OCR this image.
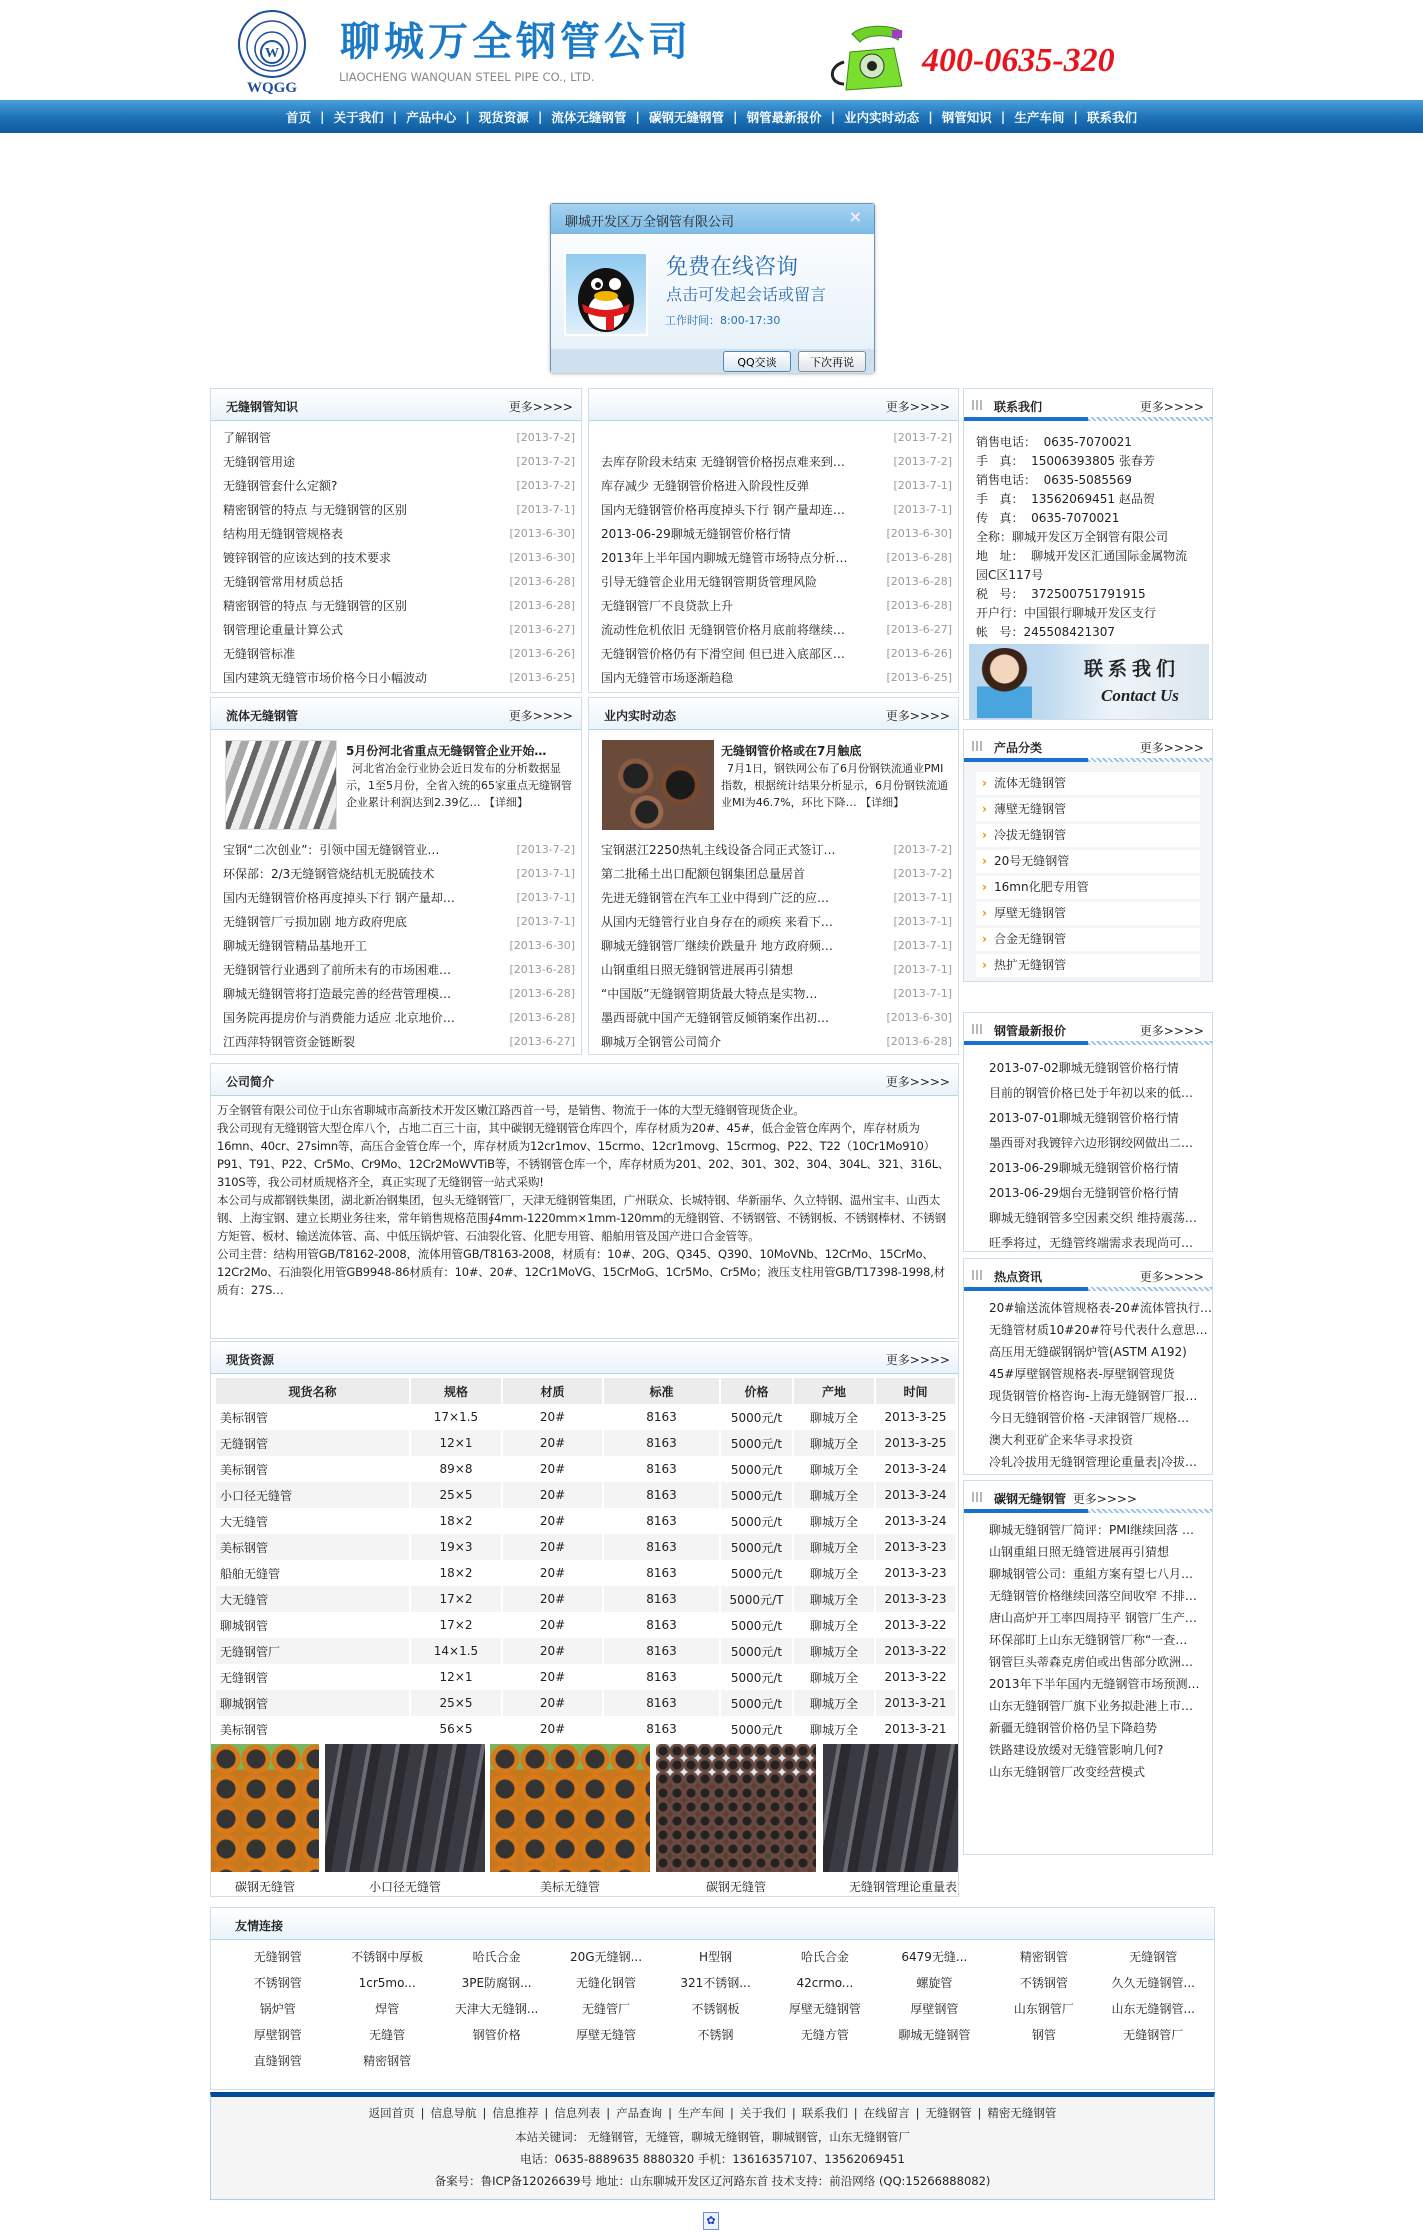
W
WQGG
聊城万全钢管公司
LIAOCHENG WANQUAN STEEL PIPE CO., LTD.	400-0635-320
首页 | 关于我们 | 产品中心 | 现货资源 | 流体无缝钢管 | 碳钢无缝钢管 | 钢管最新报价 | 业内实时动态 | 钢管知识 | 生产车间 | 联系我们
无缝钢管知识	更多>>>>
了解钢管	[2013-7-2]
无缝钢管用途	[2013-7-2]
无缝钢管套什么定额?	[2013-7-2]
精密钢管的特点 与无缝钢管的区别	[2013-7-1]
结构用无缝钢管规格表	[2013-6-30]
镀锌钢管的应该达到的技术要求	[2013-6-30]
无缝钢管常用材质总括	[2013-6-28]
精密钢管的特点 与无缝钢管的区别	[2013-6-28]
钢管理论重量计算公式	[2013-6-27]
无缝钢管标准	[2013-6-26]
国内建筑无缝管市场价格今日小幅波动	[2013-6-25]
更多>>>>
[2013-7-2]
去库存阶段未结束 无缝钢管价格拐点难来到…	[2013-7-2]
库存减少 无缝钢管价格进入阶段性反弹	[2013-7-1]
国内无缝钢管价格再度掉头下行 钢产量却连…	[2013-7-1]
2013-06-29聊城无缝钢管价格行情	[2013-6-30]
2013年上半年国内聊城无缝管市场特点分析…	[2013-6-28]
引导无缝管企业用无缝钢管期货管理风险	[2013-6-28]
无缝钢管厂不良贷款上升	[2013-6-28]
流动性危机依旧 无缝钢管价格月底前将继续…	[2013-6-27]
无缝钢管价格仍有下滑空间 但已进入底部区…	[2013-6-26]
国内无缝管市场逐渐趋稳	[2013-6-25]
流体无缝钢管	更多>>>>
5月份河北省重点无缝钢管企业开始…
河北省冶金行业协会近日发布的分析数据显示，1至5月份，全省入统的65家重点无缝钢管企业累计利润达到2.39亿… 【详细】
宝钢“二次创业”：引领中国无缝钢管业…	[2013-7-2]
环保部：2/3无缝钢管烧结机无脱硫技术	[2013-7-1]
国内无缝钢管价格再度掉头下行 钢产量却…	[2013-7-1]
无缝钢管厂亏损加剧 地方政府兜底	[2013-7-1]
聊城无缝钢管精品基地开工	[2013-6-30]
无缝钢管行业遇到了前所未有的市场困难…	[2013-6-28]
聊城无缝钢管将打造最完善的经营管理模…	[2013-6-28]
国务院再提房价与消费能力适应 北京地价…	[2013-6-28]
江西萍特钢管资金链断裂	[2013-6-27]
业内实时动态	更多>>>>
无缝钢管价格或在7月触底
7月1日，钢铁网公布了6月份钢铁流通业PMI指数，根据统计结果分析显示，6月份钢铁流通业MI为46.7%，环比下降… 【详细】
宝钢湛江2250热轧主线设备合同正式签订…	[2013-7-2]
第二批稀土出口配额包钢集团总量居首	[2013-7-2]
先进无缝钢管在汽车工业中得到广泛的应…	[2013-7-1]
从国内无缝管行业自身存在的顽疾 来看下…	[2013-7-1]
聊城无缝钢管厂继续价跌量升 地方政府频…	[2013-7-1]
山钢重组日照无缝钢管进展再引猜想	[2013-7-1]
“中国版”无缝钢管期货最大特点是实物…	[2013-7-1]
墨西哥就中国产无缝钢管反倾销案作出初…	[2013-6-30]
聊城万全钢管公司简介	[2013-6-28]
公司简介	更多>>>>
万全钢管有限公司位于山东省聊城市高新技术开发区嫩江路西首一号，是销售、物流于一体的大型无缝钢管现货企业。
我公司现有无缝钢管大型仓库八个，占地二百三十亩，其中碳钢无缝钢管仓库四个，库存材质为20#、45#，低合金管仓库两个，库存材质为16mn、40cr、27simn等，高压合金管仓库一个，库存材质为12cr1mov、15crmo、12cr1movg、15crmog、P22、T22（10Cr1Mo910）P91、T91、P22、Cr5Mo、Cr9Mo、12Cr2MoWVTiB等，不锈钢管仓库一个，库存材质为201、202、301、302、304、304L、321、316L、310S等，我公司材质规格齐全，真正实现了无缝钢管一站式采购!
本公司与成都钢铁集团，湖北新冶钢集团，包头无缝钢管厂，天津无缝钢管集团，广州联众、长城特钢、华新丽华、久立特钢、温州宝丰、山西太钢、上海宝钢、建立长期业务往来，常年销售规格范围∮4mm-1220mm×1mm-120mm的无缝钢管、不锈钢管、不锈钢板、不锈钢棒材、不锈钢方矩管、板材、输送流体管、高、中低压锅炉管、石油裂化管、化肥专用管、船舶用管及国产进口合金管等。
公司主营：结构用管GB/T8162-2008，流体用管GB/T8163-2008，材质有：10#、20G、Q345、Q390、10MoVNb、12CrMo、15CrMo、12Cr2Mo、石油裂化用管GB9948-86材质有：10#、20#、12Cr1MoVG、15CrMoG、1Cr5Mo、Cr5Mo；液压支柱用管GB/T17398-1998,材质有：27S…
现货资源	更多>>>>
现货名称	规格	材质	标准	价格	产地	时间
美标钢管	17×1.5	20#	8163	5000元/t	聊城万全	2013-3-25
无缝钢管	12×1	20#	8163	5000元/t	聊城万全	2013-3-25
美标钢管	89×8	20#	8163	5000元/t	聊城万全	2013-3-24
小口径无缝管	25×5	20#	8163	5000元/t	聊城万全	2013-3-24
大无缝管	18×2	20#	8163	5000元/t	聊城万全	2013-3-24
美标钢管	19×3	20#	8163	5000元/t	聊城万全	2013-3-23
船舶无缝管	18×2	20#	8163	5000元/t	聊城万全	2013-3-23
大无缝管	17×2	20#	8163	5000元/T	聊城万全	2013-3-23
聊城钢管	17×2	20#	8163	5000元/t	聊城万全	2013-3-22
无缝钢管厂	14×1.5	20#	8163	5000元/t	聊城万全	2013-3-22
无缝钢管	12×1	20#	8163	5000元/t	聊城万全	2013-3-22
聊城钢管	25×5	20#	8163	5000元/t	聊城万全	2013-3-21
美标钢管	56×5	20#	8163	5000元/t	聊城万全	2013-3-21
碳钢无缝管	小口径无缝管	美标无缝管	碳钢无缝管	无缝钢管理论重量表
联系我们	更多>>>>
销售电话：  0635-7070021
手   真：  15006393805 张春芳
销售电话：  0635-5085569
手   真：  13562069451 赵品贺
传   真：  0635-7070021
全称：聊城开发区万全钢管有限公司
地   址：  聊城开发区汇通国际金属物流
园C区117号
税   号：  372500751791915
开户行：中国银行聊城开发区支行
帐   号：245508421307
联系我们
Contact Us
产品分类	更多>>>>
› 流体无缝钢管
› 薄壁无缝钢管
› 冷拔无缝钢管
› 20号无缝钢管
› 16mn化肥专用管
› 厚壁无缝钢管
› 合金无缝钢管
› 热扩无缝钢管
钢管最新报价	更多>>>>
2013-07-02聊城无缝钢管价格行情
目前的钢管价格已处于年初以来的低…
2013-07-01聊城无缝钢管价格行情
墨西哥对我镀锌六边形钢绞网做出二…
2013-06-29聊城无缝钢管价格行情
2013-06-29烟台无缝钢管价格行情
聊城无缝钢管多空因素交织 维持震荡…
旺季将过，无缝管终端需求表现尚可…
热点资讯	更多>>>>
20#输送流体管规格表-20#流体管执行…
无缝管材质10#20#符号代表什么意思…
高压用无缝碳钢锅炉管(ASTM A192)
45#厚壁钢管规格表-厚壁钢管现货
现货钢管价格咨询-上海无缝钢管厂报…
今日无缝钢管价格 -天津钢管厂规格…
澳大利亚矿企来华寻求投资
冷轧冷拔用无缝钢管理论重量表|冷拔…
碳钢无缝钢管 更多>>>>
聊城无缝钢管厂简评：PMI继续回落 …
山钢重組日照无缝管进展再引猜想
聊城钢管公司：重組方案有望七八月…
无缝钢管价格继续回落空间收窄 不排…
唐山高炉开工率四周持平 钢管厂生产…
环保部盯上山东无缝钢管厂称“一查…
钢管巨头蒂森克虏伯或出售部分欧洲…
2013年下半年国内无缝钢管市场预测…
山东无缝钢管厂旗下业务拟赴港上市…
新疆无缝钢管价格仍呈下降趋势
铁路建设放缓对无缝管影响几何?
山东无缝钢管厂改变经营模式
友情连接
无缝钢管	不锈钢中厚板	哈氏合金	20G无缝钢...	H型钢	哈氏合金	6479无缝...	精密钢管	无缝钢管
不锈钢管	1cr5mo...	3PE防腐钢...	无缝化钢管	321不锈钢...	42crmo...	螺旋管	不锈钢管	久久无缝钢管...
锅炉管	焊管	天津大无缝钢...	无缝管厂	不锈钢板	厚壁无缝钢管	厚壁钢管	山东钢管厂	山东无缝钢管...
厚壁钢管	无缝管	钢管价格	厚壁无缝管	不锈钢	无缝方管	聊城无缝钢管	钢管	无缝钢管厂
直缝钢管	精密钢管
返回首页 | 信息导航 | 信息推荐 | 信息列表 | 产品查询 | 生产车间 | 关于我们 | 联系我们 | 在线留言 | 无缝钢管 | 精密无缝钢管
本站关键词： 无缝钢管，无缝管，聊城无缝钢管，聊城钢管，山东无缝钢管厂
电话：0635-8889635 8880320 手机：13616357107、13562069451
备案号：鲁ICP备12026639号 地址：山东聊城开发区辽河路东首 技术支持：前沿网络 (QQ:15266888082)
✿
聊城开发区万全钢管有限公司	×
免费在线咨询
点击可发起会话或留言
工作时间：8:00-17:30
QQ交谈	下次再说
